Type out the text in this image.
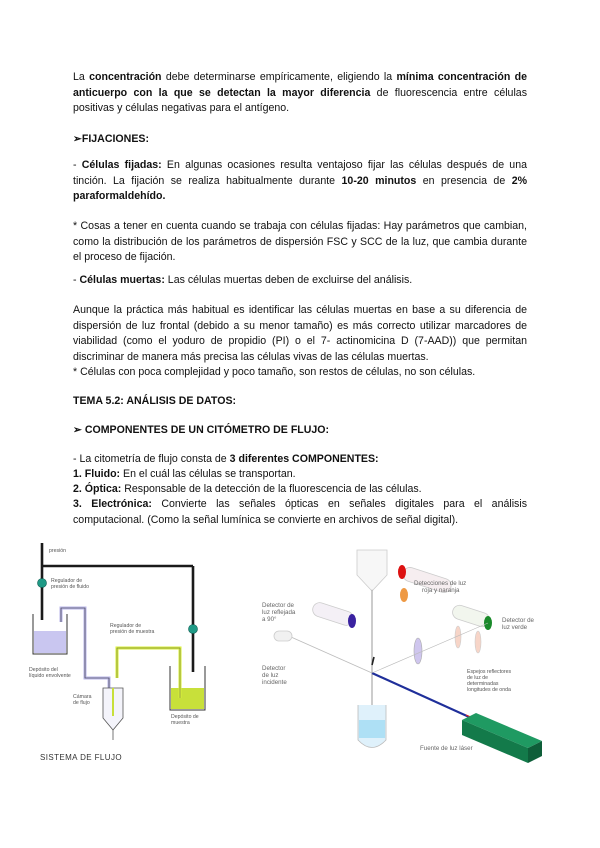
La concentración debe determinarse empíricamente, eligiendo la mínima concentración de anticuerpo con la que se detectan la mayor diferencia de fluorescencia entre células positivas y células negativas para el antígeno.

➢FIJACIONES:

- Células fijadas: En algunas ocasiones resulta ventajoso fijar las células después de una tinción. La fijación se realiza habitualmente durante 10-20 minutos en presencia de 2% paraformaldehído.

* Cosas a tener en cuenta cuando se trabaja con células fijadas: Hay parámetros que cambian, como la distribución de los parámetros de dispersión FSC y SCC de la luz, que cambia durante el proceso de fijación.

- Células muertas: Las células muertas deben de excluirse del análisis.

Aunque la práctica más habitual es identificar las células muertas en base a su diferencia de dispersión de luz frontal (debido a su menor tamaño) es más correcto utilizar marcadores de viabilidad (como el yoduro de propidio (PI) o el 7- actinomicina D (7-AAD)) que permitan discriminar de manera más precisa las células vivas de las células muertas.

* Células con poca complejidad y poco tamaño, son restos de células, no son células.

TEMA 5.2: ANÁLISIS DE DATOS:

➢ COMPONENTES DE UN CITÓMETRO DE FLUJO:

- La citometría de flujo consta de 3 diferentes COMPONENTES:

1. Fluido: En el cuál las células se transportan.

2. Óptica: Responsable de la detección de la fluorescencia de las células.

3. Electrónica: Convierte las señales ópticas en señales digitales para el análisis computacional. (Como la señal lumínica se convierte en archivos de señal digital).

presión
Regulador de
presión de fluido
Regulador de
presión de muestra
Depósito del
líquido envolvente
Cámara
de flujo
Depósito de
muestra
SISTEMA DE FLUJO
Detecciones de luz
roja y naranja
Detector de
luz reflejada
a 90°	Detector de
luz verde
Detector
de luz
incidente
Espejos reflectores
de luz de
determinadas
longitudes de onda
Fuente de luz láser
